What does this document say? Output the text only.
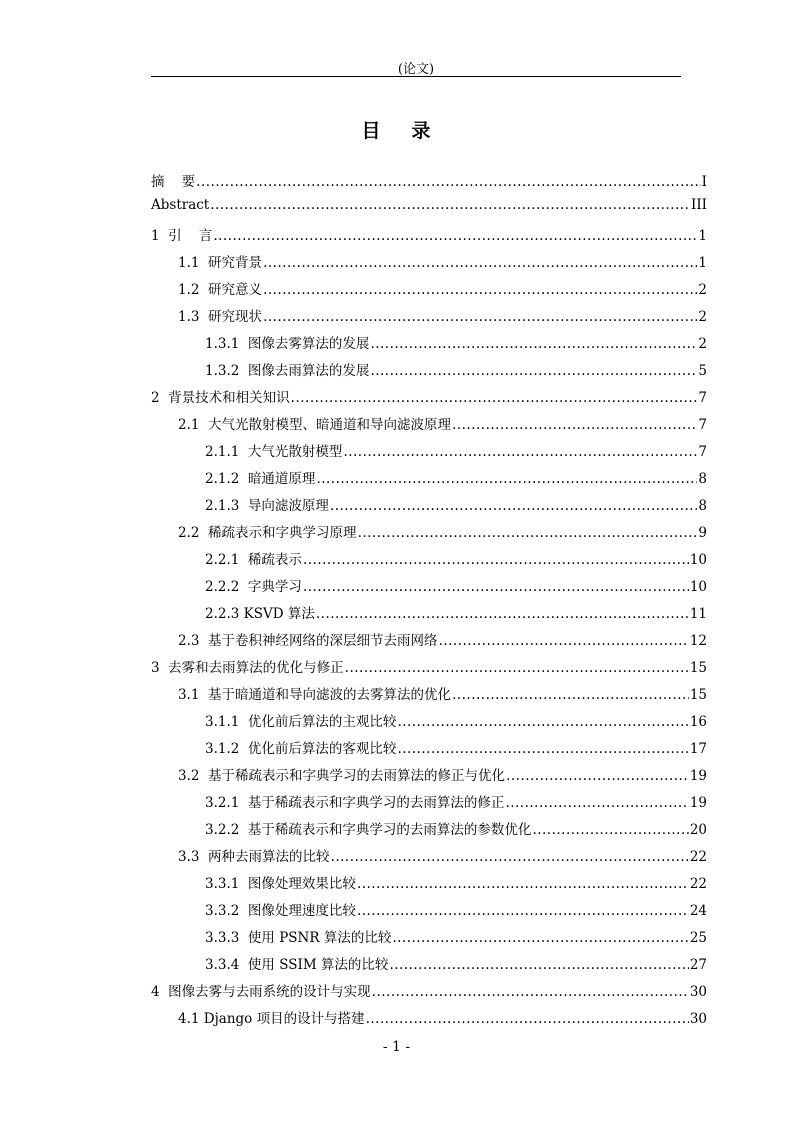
(论文)
目 录
摘    要 .....	I
Abstract .....	III
1  引    言 .....	1
1.1  研究背景 .....	1
1.2  研究意义 .....	2
1.3  研究现状 .....	2
1.3.1  图像去雾算法的发展 .....	2
1.3.2  图像去雨算法的发展 .....	5
2  背景技术和相关知识 .....	7
2.1  大气光散射模型、暗通道和导向滤波原理 .....	7
2.1.1  大气光散射模型 .....	7
2.1.2  暗通道原理 .....	8
2.1.3  导向滤波原理 .....	8
2.2  稀疏表示和字典学习原理 .....	9
2.2.1  稀疏表示 .....	10
2.2.2  字典学习 .....	10
2.2.3 KSVD 算法 .....	11
2.3  基于卷积神经网络的深层细节去雨网络 .....	12
3  去雾和去雨算法的优化与修正 .....	15
3.1  基于暗通道和导向滤波的去雾算法的优化 .....	15
3.1.1  优化前后算法的主观比较 .....	16
3.1.2  优化前后算法的客观比较 .....	17
3.2  基于稀疏表示和字典学习的去雨算法的修正与优化 .....	19
3.2.1  基于稀疏表示和字典学习的去雨算法的修正 .....	19
3.2.2  基于稀疏表示和字典学习的去雨算法的参数优化 .....	20
3.3  两种去雨算法的比较 .....	22
3.3.1  图像处理效果比较 .....	22
3.3.2  图像处理速度比较 .....	24
3.3.3  使用 PSNR 算法的比较 .....	25
3.3.4  使用 SSIM 算法的比较 .....	27
4  图像去雾与去雨系统的设计与实现 .....	30
4.1 Django 项目的设计与搭建 .....	30
- 1 -
